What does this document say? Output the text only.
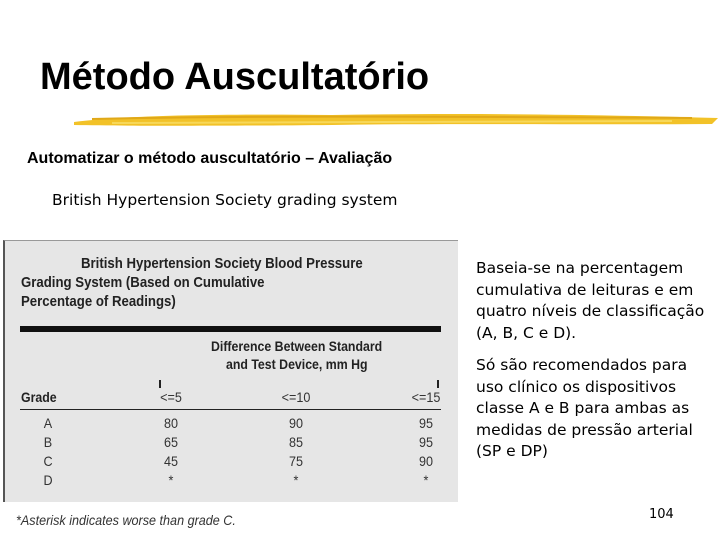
Método Auscultatório
Automatizar o método auscultatório – Avaliação
British Hypertension Society grading system
British Hypertension Society Blood Pressure
Grading System (Based on Cumulative
Percentage of Readings)
Difference Between Standard
and Test Device, mm Hg
Grade	<=5	<=10	<=15
A	80	90	95
B	65	85	95
C	45	75	90
D	*	*	*
*Asterisk indicates worse than grade C.

Baseia-se na percentagem cumulativa de leituras e em quatro níveis de classificação (A, B, C e D).

Só são recomendados para uso clínico os dispositivos classe A e B para ambas as medidas de pressão arterial (SP e DP)

104
